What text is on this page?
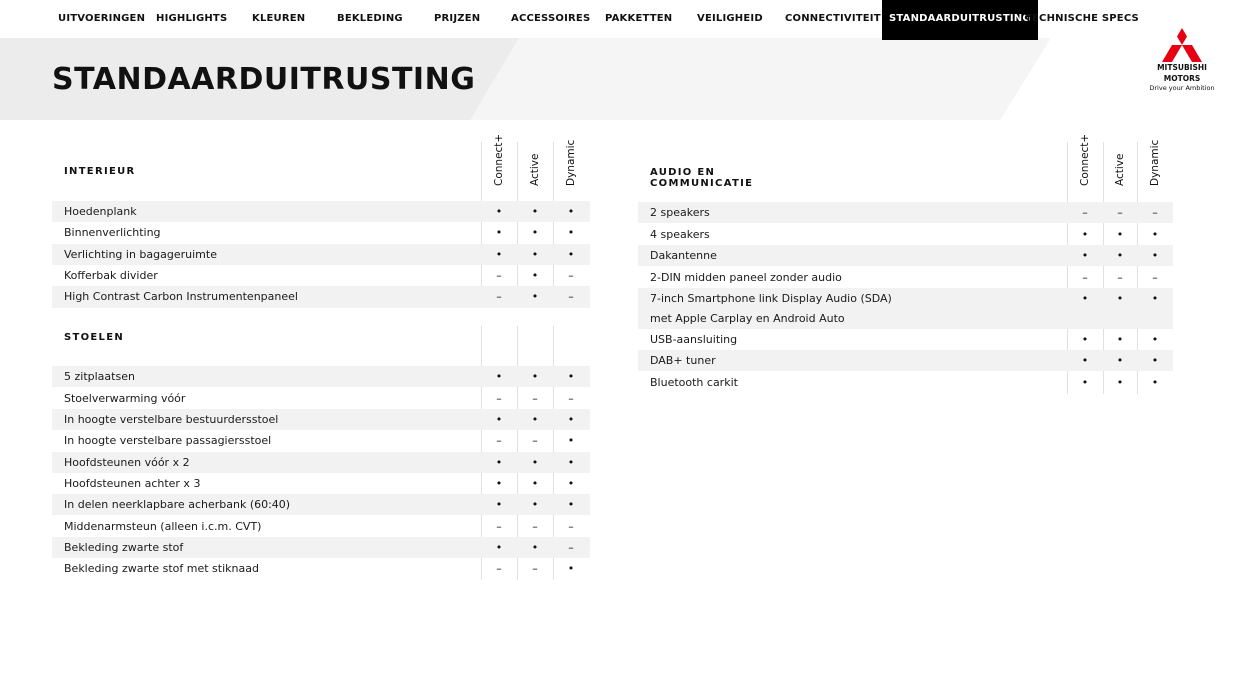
UITVOERINGEN HIGHLIGHTS KLEUREN	BEKLEDING	PRIJZEN	ACCESSOIRES PAKKETTEN VEILIGHEID CONNECTIVITEIT STANDAARDUITRUSTING
TECHNISCHE SPECS
STANDAARDUITRUSTING	MITSUBISHI
MOTORS
Drive your Ambition
Connect+ Active Dynamic
INTERIEUR
Hoedenplank	•	•	•
Binnenverlichting	•	•	•
Verlichting in bagageruimte	•	•	•
Kofferbak divider	–	•	–
High Contrast Carbon Instrumentenpaneel	–	•	–
STOELEN
5 zitplaatsen	•	•	•
Stoelverwarming vóór	–	–	–
In hoogte verstelbare bestuurdersstoel	•	•	•
In hoogte verstelbare passagiersstoel	–	–	•
Hoofdsteunen vóór x 2	•	•	•
Hoofdsteunen achter x 3	•	•	•
In delen neerklapbare acherbank (60:40)	•	•	•
Middenarmsteun (alleen i.c.m. CVT)	–	–	–
Bekleding zwarte stof	•	•	–
Bekleding zwarte stof met stiknaad	–	–	•
Connect+ Active Dynamic
AUDIO EN COMMUNICATIE
2 speakers	–	–	–
4 speakers	•	•	•
Dakantenne	•	•	•
2-DIN midden paneel zonder audio	–	–	–
7-inch Smartphone link Display Audio (SDA)
met Apple Carplay en Android Auto
•	•	•
USB-aansluiting	•	•	•
DAB+ tuner	•	•	•
Bluetooth carkit	•	•	•
